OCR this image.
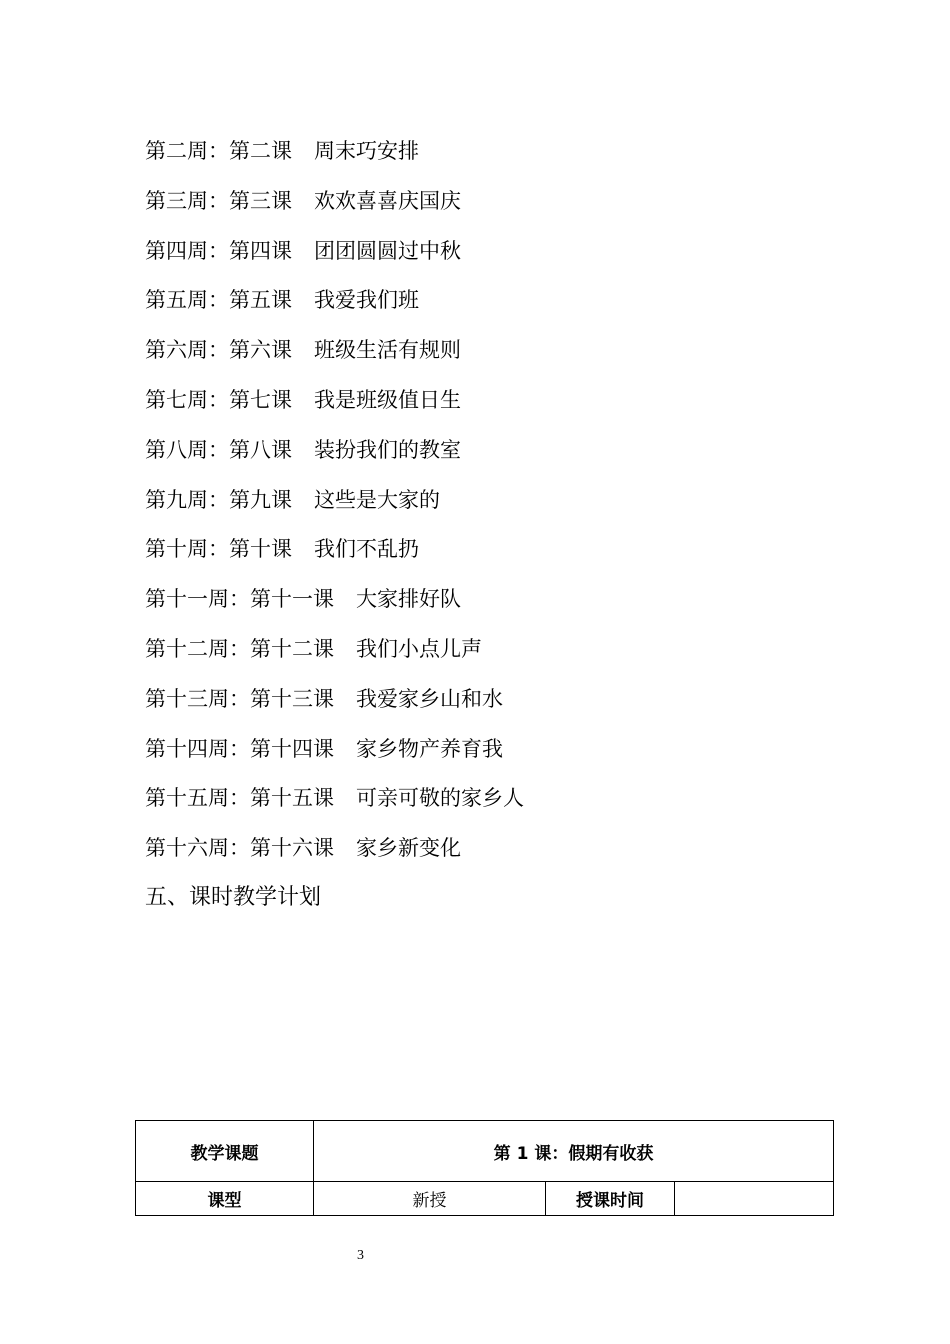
第二周：第二课 周末巧安排
第三周：第三课 欢欢喜喜庆国庆
第四周：第四课 团团圆圆过中秋
第五周：第五课 我爱我们班
第六周：第六课 班级生活有规则
第七周：第七课 我是班级值日生
第八周：第八课 装扮我们的教室
第九周：第九课 这些是大家的
第十周：第十课 我们不乱扔
第十一周：第十一课 大家排好队
第十二周：第十二课 我们小点儿声
第十三周：第十三课 我爱家乡山和水
第十四周：第十四课 家乡物产养育我
第十五周：第十五课 可亲可敬的家乡人
第十六周：第十六课 家乡新变化
五、课时教学计划
教学课题	第 1 课：假期有收获		
课型	新授	授课时间	
3
